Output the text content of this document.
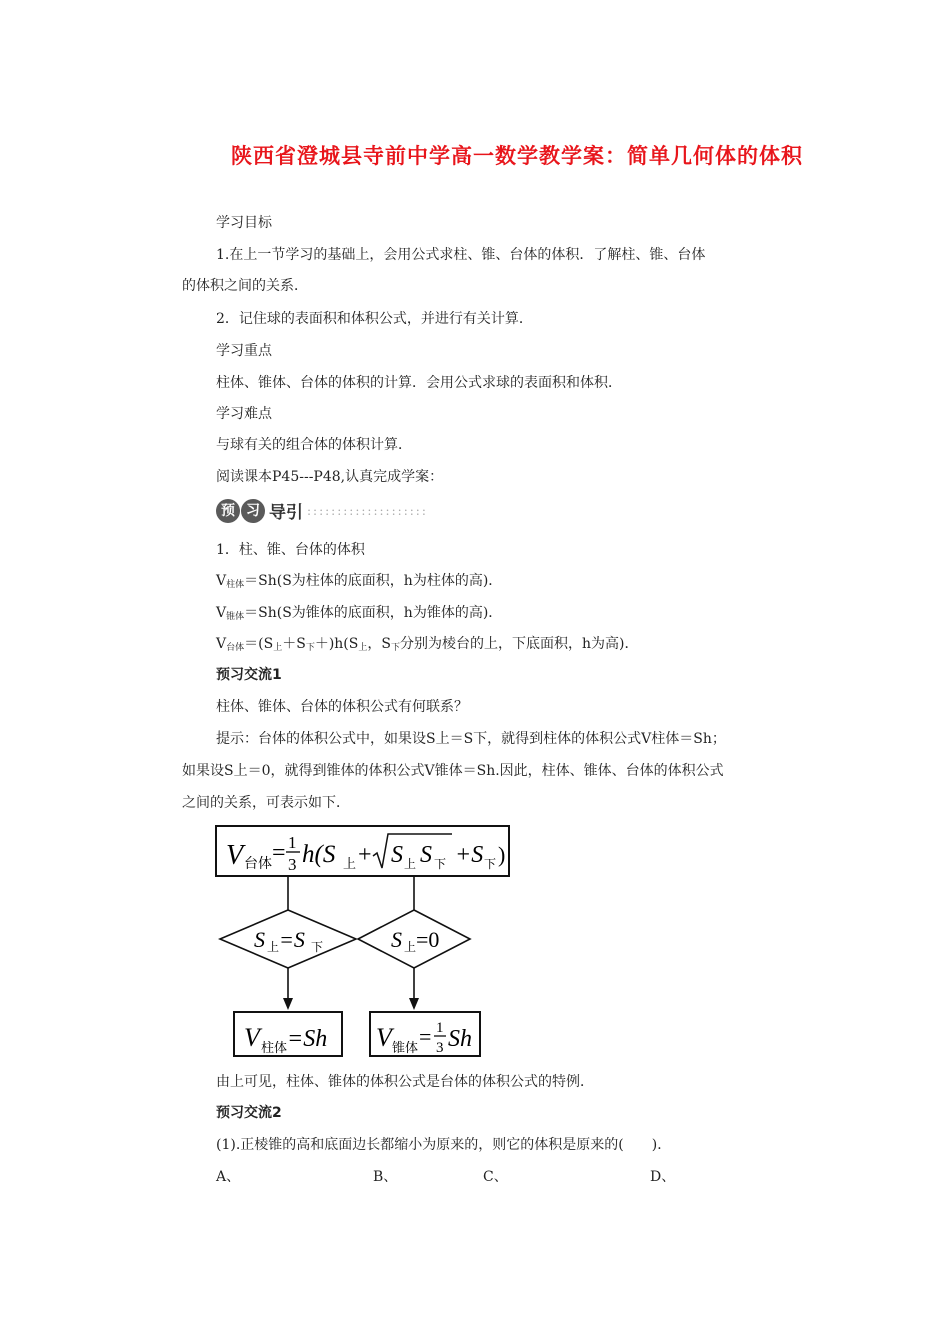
陕西省澄城县寺前中学高一数学教学案：简单几何体的体积
学习目标
1.在上一节学习的基础上，会用公式求柱、锥、台体的体积．了解柱、锥、台体
的体积之间的关系．
2．记住球的表面积和体积公式，并进行有关计算．
学习重点
柱体、锥体、台体的体积的计算．会用公式求球的表面积和体积．
学习难点
与球有关的组合体的体积计算．
阅读课本P45---P48,认真完成学案：
预 习 导引 ::::::::::::::::::::
1．柱、锥、台体的体积
$V_{柱体}=Sh(S$为柱体的底面积，h为柱体的高)．
$V_{锥体}=Sh(S$为锥体的底面积，h为锥体的高)．
$V_{台体}=(S_上+S_下+)h(S_上$，$S_下$分别为棱台的上，下底面积，h为高)．
预习交流1
柱体、锥体、台体的体积公式有何联系？
提示：台体的体积公式中，如果设S上＝S下，就得到柱体的体积公式V柱体＝Sh；
如果设S上＝0，就得到锥体的体积公式V锥体＝Sh.因此，柱体、锥体、台体的体积公式
之间的关系，可表示如下．
V 台体 = 1
3 h(S 上 + S 上 S 下 +S 下 )
S 上 =S 下	S 上 =0
V 柱体 =Sh V 锥体 = 1
3 Sh
由上可见，柱体、锥体的体积公式是台体的体积公式的特例．
预习交流2
(1).正棱锥的高和底面边长都缩小为原来的，则它的体积是原来的(　　)．
A、	B、	C、	D、
